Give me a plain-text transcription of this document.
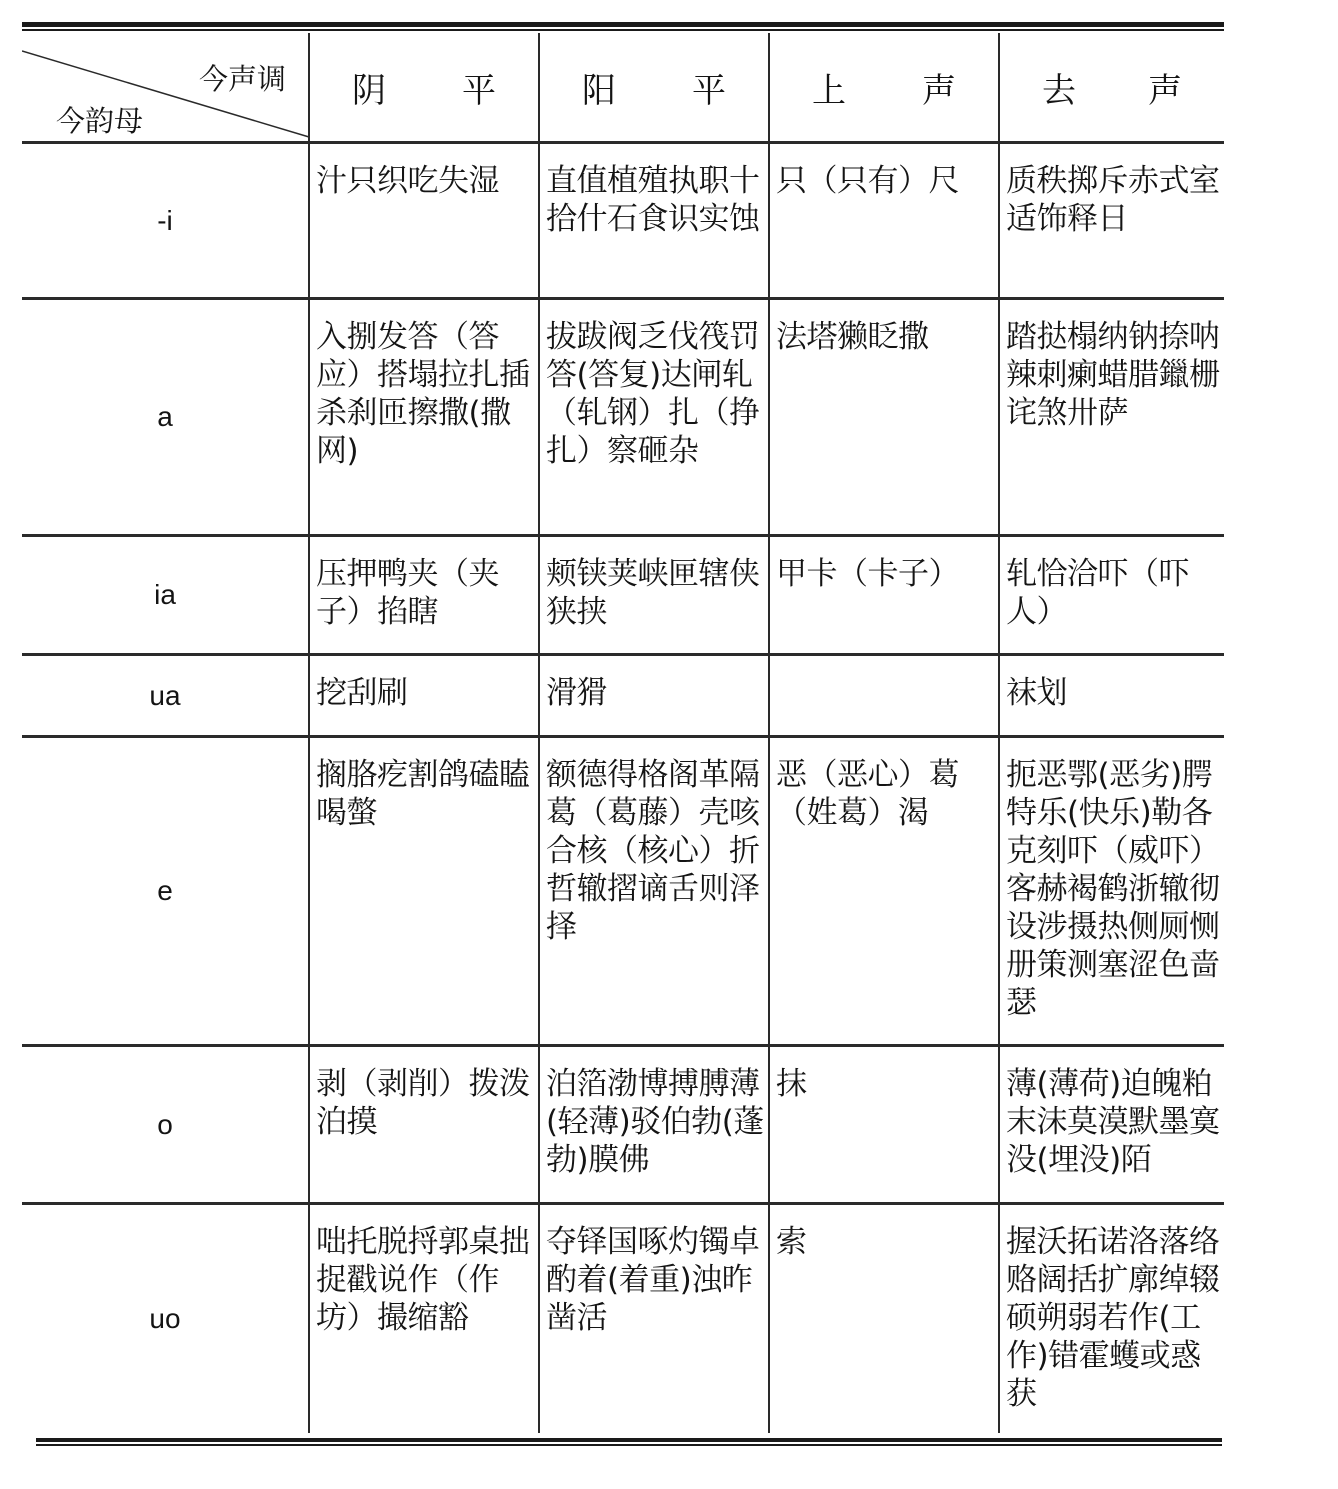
今声调
今韵母	阴 平	阳 平	上 声	去 声

-i	汁只织吃失湿	直值植殖执职十拾什石食识实蚀	只（只有）尺	质秩掷斥赤式室适饰释日

a	入捌发答（答应）搭塌拉扎插杀刹匝擦撒(撒网)	拔跋阀乏伐筏罚答(答复)达闸轧（轧钢）扎（挣扎）察砸杂	法塔獭眨撒	踏挞榻纳钠捺呐辣刺瘌蜡腊鑞栅诧煞卅萨

ia	压押鸭夹（夹子）掐瞎	颊铗荚峡匣辖侠狭挟	甲卡（卡子）	轧恰洽吓（吓人）

ua	挖刮刷	滑猾		袜划

e	搁胳疙割鸽磕瞌喝螫	额德得格阁革隔葛（葛藤）壳咳合核（核心）折哲辙摺谪舌则泽择	恶（恶心）葛（姓葛）渴	扼恶鄂(恶劣)腭特乐(快乐)勒各克刻吓（威吓）客赫褐鹤浙辙彻设涉摄热侧厕恻册策测塞涩色啬瑟

o	剥（剥削）拨泼泊摸	泊箔渤博搏膊薄(轻薄)驳伯勃(蓬勃)膜佛	抹	薄(薄荷)迫魄粕末沫莫漠默墨寞没(埋没)陌

uo	咄托脱捋郭桌拙捉戳说作（作坊）撮缩豁	夺铎国啄灼镯卓酌着(着重)浊昨凿活	索	握沃拓诺洛落络赂阔括扩廓绰辍硕朔弱若作(工作)错霍蠖或惑获
